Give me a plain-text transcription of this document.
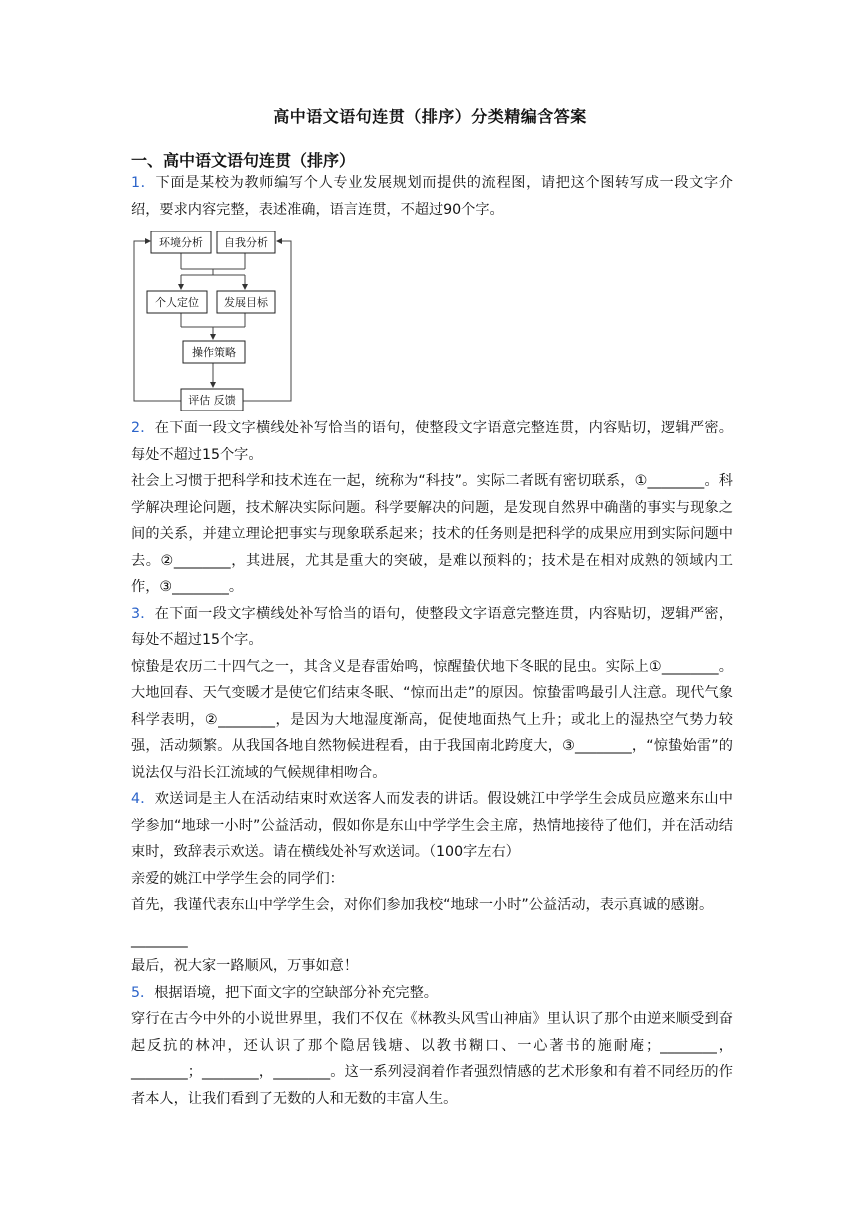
高中语文语句连贯（排序）分类精编含答案
一、高中语文语句连贯（排序）

1．下面是某校为教师编写个人专业发展规划而提供的流程图，请把这个图转写成一段文字介绍，要求内容完整，表述准确，语言连贯，不超过90个字。

环境分析 自我分析
个人定位 发展目标
操作策略
评估 反馈

2．在下面一段文字横线处补写恰当的语句，使整段文字语意完整连贯，内容贴切，逻辑严密。每处不超过15个字。

社会上习惯于把科学和技术连在一起，统称为“科技”。实际二者既有密切联系，①________。科学解决理论问题，技术解决实际问题。科学要解决的问题，是发现自然界中确凿的事实与现象之间的关系，并建立理论把事实与现象联系起来；技术的任务则是把科学的成果应用到实际问题中去。②________，其进展，尤其是重大的突破，是难以预料的；技术是在相对成熟的领域内工作，③________。

3．在下面一段文字横线处补写恰当的语句，使整段文字语意完整连贯，内容贴切，逻辑严密，每处不超过15个字。

惊蛰是农历二十四气之一，其含义是春雷始鸣，惊醒蛰伏地下冬眠的昆虫。实际上①________。大地回春、天气变暖才是使它们结束冬眠、“惊而出走”的原因。惊蛰雷鸣最引人注意。现代气象科学表明，②________，是因为大地湿度渐高，促使地面热气上升；或北上的湿热空气势力较强，活动频繁。从我国各地自然物候进程看，由于我国南北跨度大，③________，“惊蛰始雷”的说法仅与沿长江流域的气候规律相吻合。

4．欢送词是主人在活动结束时欢送客人而发表的讲话。假设姚江中学学生会成员应邀来东山中学参加“地球一小时”公益活动，假如你是东山中学学生会主席，热情地接待了他们，并在活动结束时，致辞表示欢送。请在横线处补写欢送词。（100字左右）

亲爱的姚江中学学生会的同学们：

首先，我谨代表东山中学学生会，对你们参加我校“地球一小时”公益活动，表示真诚的感谢。

________

最后，祝大家一路顺风，万事如意！

5．根据语境，把下面文字的空缺部分补充完整。

穿行在古今中外的小说世界里，我们不仅在《林教头风雪山神庙》里认识了那个由逆来顺受到奋起反抗的林冲，还认识了那个隐居钱塘、以教书糊口、一心著书的施耐庵；________，________；________，________。这一系列浸润着作者强烈情感的艺术形象和有着不同经历的作者本人，让我们看到了无数的人和无数的丰富人生。
